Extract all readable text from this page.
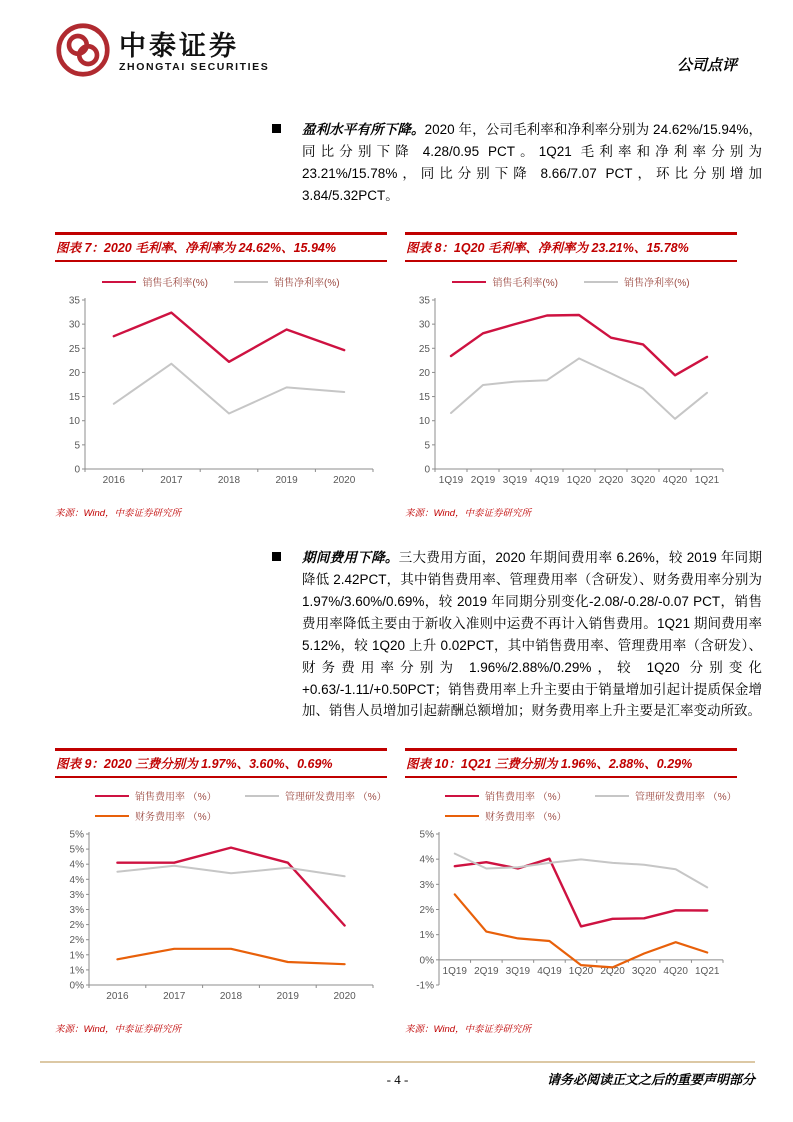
中泰证券
ZHONGTAI SECURITIES	公司点评
盈利水平有所下降。2020 年，公司毛利率和净利率分别为 24.62%/15.94%，同比分别下降 4.28/0.95 PCT。1Q21 毛利率和净利率分别为 23.21%/15.78%，同比分别下降 8.66/7.07 PCT，环比分别增加 3.84/5.32PCT。
图表 7：2020 毛利率、净利率为 24.62%、15.94%
销售毛利率(%)	销售净利率(%)
0
5
10
15
20
25
30
35
2016	2017	2018	2019	2020
来源：Wind，中泰证券研究所
图表 8：1Q20 毛利率、净利率为 23.21%、15.78%
销售毛利率(%)	销售净利率(%)
0
5
10
15
20
25
30
35
1Q19 2Q19 3Q19 4Q19 1Q20 2Q20 3Q20 4Q20 1Q21
来源：Wind，中泰证券研究所
期间费用下降。三大费用方面，2020 年期间费用率 6.26%，较 2019 年同期降低 2.42PCT，其中销售费用率、管理费用率（含研发）、财务费用率分别为 1.97%/3.60%/0.69%，较 2019 年同期分别变化-2.08/-0.28/-0.07 PCT，销售费用率降低主要由于新收入准则中运费不再计入销售费用。1Q21 期间费用率 5.12%，较 1Q20 上升 0.02PCT，其中销售费用率、管理费用率（含研发）、财务费用率分别为 1.96%/2.88%/0.29%，较 1Q20 分别变化+0.63/-1.11/+0.50PCT；销售费用率上升主要由于销量增加引起计提质保金增加、销售人员增加引起薪酬总额增加；财务费用率上升主要是汇率变动所致。
图表 9：2020 三费分别为 1.97%、3.60%、0.69%
销售费用率 （%）	管理研发费用率 （%）
财务费用率 （%）
0%
1%
1%
2%
2%
3%
3%
4%
4%
5%
5%
2016	2017	2018	2019	2020
来源：Wind，中泰证券研究所
图表 10：1Q21 三费分别为 1.96%、2.88%、0.29%
销售费用率 （%）	管理研发费用率 （%）
财务费用率 （%）
-1%
0%
1%
2%
3%
4%
5%
1Q19 2Q19 3Q19 4Q19 1Q20 2Q20 3Q20 4Q20 1Q21
来源：Wind，中泰证券研究所
- 4 -	请务必阅读正文之后的重要声明部分
